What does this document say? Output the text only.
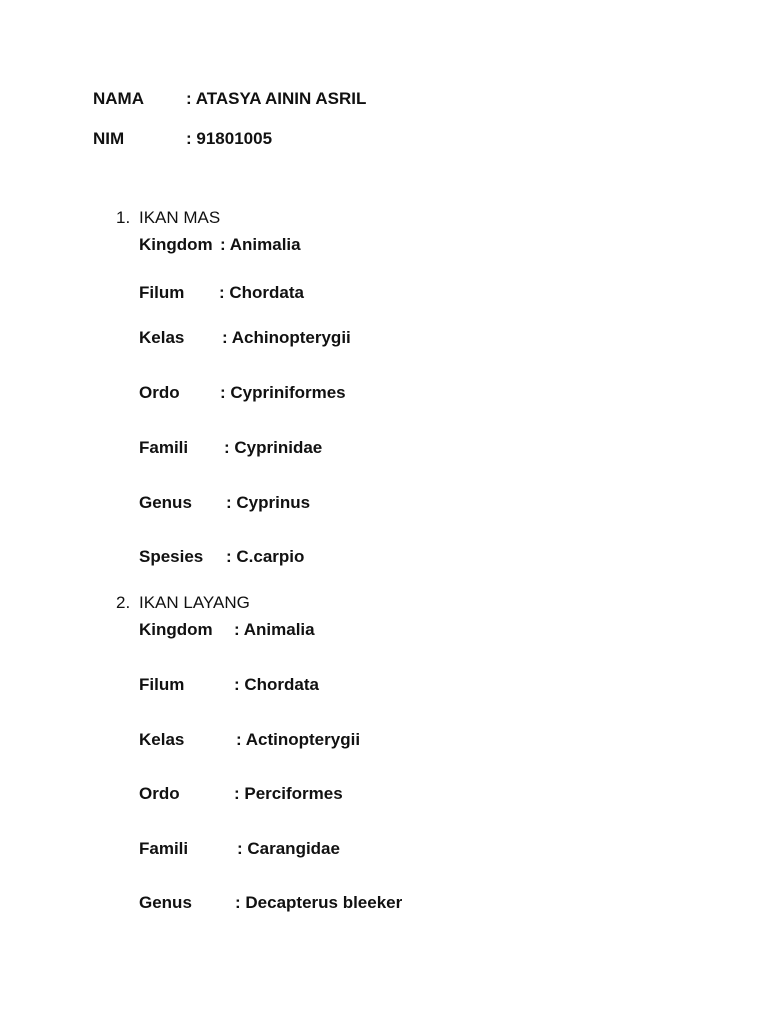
NAMA : ATASYA AININ ASRIL
NIM	: 91801005
1. IKAN MAS
Kingdom : Animalia
Filum : Chordata
Kelas : Achinopterygii
Ordo : Cypriniformes
Famili : Cyprinidae
Genus : Cyprinus
Spesies : C.carpio
2. IKAN LAYANG
Kingdom : Animalia
Filum	: Chordata
Kelas	: Actinopterygii
Ordo	: Perciformes
Famili	: Carangidae
Genus	: Decapterus bleeker
